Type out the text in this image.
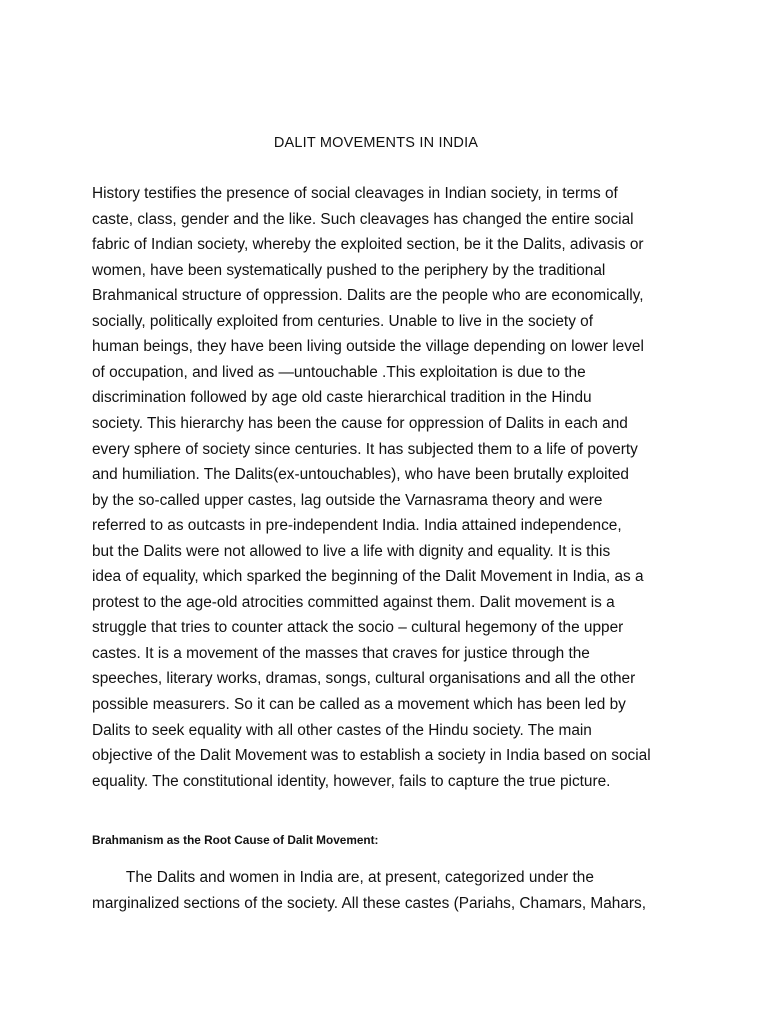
DALIT MOVEMENTS IN INDIA
History testifies the presence of social cleavages in Indian society, in terms of
caste, class, gender and the like. Such cleavages has changed the entire social
fabric of Indian society, whereby the exploited section, be it the Dalits, adivasis or
women, have been systematically pushed to the periphery by the traditional
Brahmanical structure of oppression. Dalits are the people who are economically,
socially, politically exploited from centuries. Unable to live in the society of
human beings, they have been living outside the village depending on lower level
of occupation, and lived as ―untouchable .This exploitation is due to the
discrimination followed by age old caste hierarchical tradition in the Hindu
society. This hierarchy has been the cause for oppression of Dalits in each and
every sphere of society since centuries. It has subjected them to a life of poverty
and humiliation. The Dalits(ex-untouchables), who have been brutally exploited
by the so-called upper castes, lag outside the Varnasrama theory and were
referred to as outcasts in pre-independent India. India attained independence,
but the Dalits were not allowed to live a life with dignity and equality. It is this
idea of equality, which sparked the beginning of the Dalit Movement in India, as a
protest to the age-old atrocities committed against them. Dalit movement is a
struggle that tries to counter attack the socio – cultural hegemony of the upper
castes. It is a movement of the masses that craves for justice through the
speeches, literary works, dramas, songs, cultural organisations and all the other
possible measurers. So it can be called as a movement which has been led by
Dalits to seek equality with all other castes of the Hindu society. The main
objective of the Dalit Movement was to establish a society in India based on social
equality. The constitutional identity, however, fails to capture the true picture.
Brahmanism as the Root Cause of Dalit Movement:
The Dalits and women in India are, at present, categorized under the
marginalized sections of the society. All these castes (Pariahs, Chamars, Mahars,
